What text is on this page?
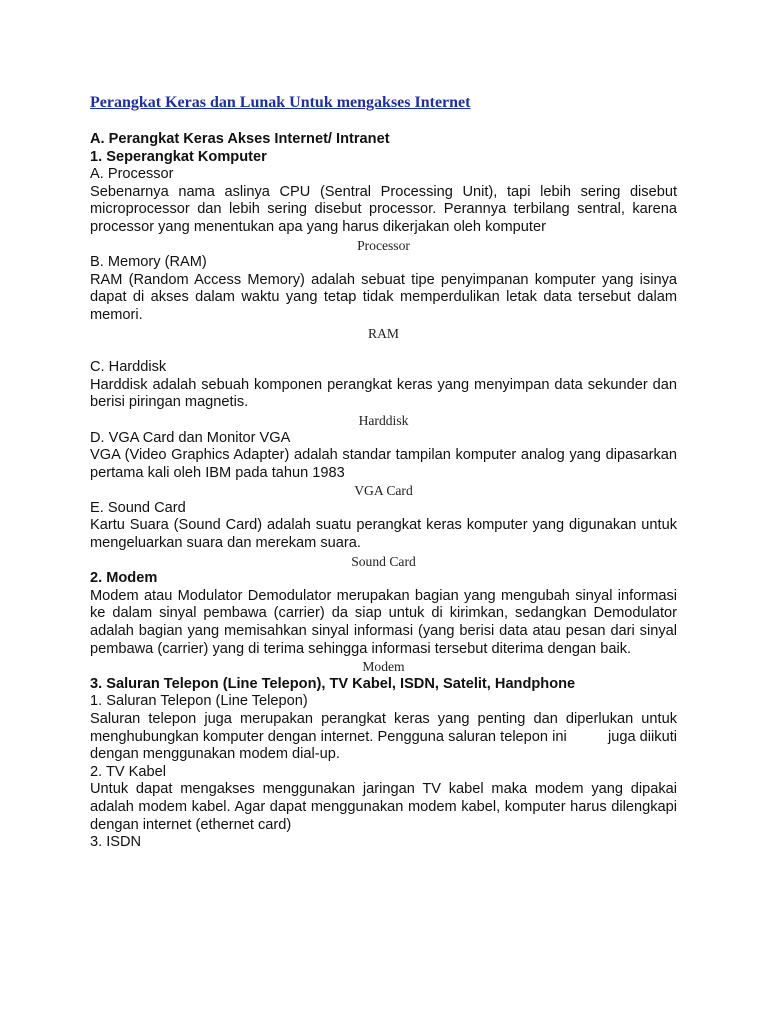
Perangkat Keras dan Lunak Untuk mengakses Internet

A. Perangkat Keras Akses Internet/ Intranet

1. Seperangkat Komputer

A. Processor

Sebenarnya nama aslinya CPU (Sentral Processing Unit), tapi lebih sering disebut microprocessor dan lebih sering disebut processor. Perannya terbilang sentral, karena processor yang menentukan apa yang harus dikerjakan oleh komputer

Processor

B. Memory (RAM)

RAM (Random Access Memory) adalah sebuat tipe penyimpanan komputer yang isinya dapat di akses dalam waktu yang tetap tidak memperdulikan letak data tersebut dalam memori.

RAM

C. Harddisk

Harddisk adalah sebuah komponen perangkat keras yang menyimpan data sekunder dan berisi piringan magnetis.

Harddisk

D. VGA Card dan Monitor VGA

VGA (Video Graphics Adapter) adalah standar tampilan komputer analog yang dipasarkan pertama kali oleh IBM pada tahun 1983

VGA Card

E. Sound Card

Kartu Suara (Sound Card) adalah suatu perangkat keras komputer yang digunakan untuk mengeluarkan suara dan merekam suara.

Sound Card

2. Modem

Modem atau Modulator Demodulator merupakan bagian yang mengubah sinyal informasi ke dalam sinyal pembawa (carrier) da siap untuk di kirimkan, sedangkan Demodulator adalah bagian yang memisahkan sinyal informasi (yang berisi data atau pesan dari sinyal pembawa (carrier) yang di terima sehingga informasi tersebut diterima dengan baik.

Modem

3. Saluran Telepon (Line Telepon), TV Kabel, ISDN, Satelit, Handphone

1. Saluran Telepon (Line Telepon)

Saluran telepon juga merupakan perangkat keras yang penting dan diperlukan untuk menghubungkan komputer dengan internet. Pengguna saluran telepon ini          juga diikuti dengan menggunakan modem dial-up.

2. TV Kabel

Untuk dapat mengakses menggunakan jaringan TV kabel maka modem yang dipakai adalah modem kabel. Agar dapat menggunakan modem kabel, komputer harus dilengkapi dengan internet (ethernet card)

3. ISDN
